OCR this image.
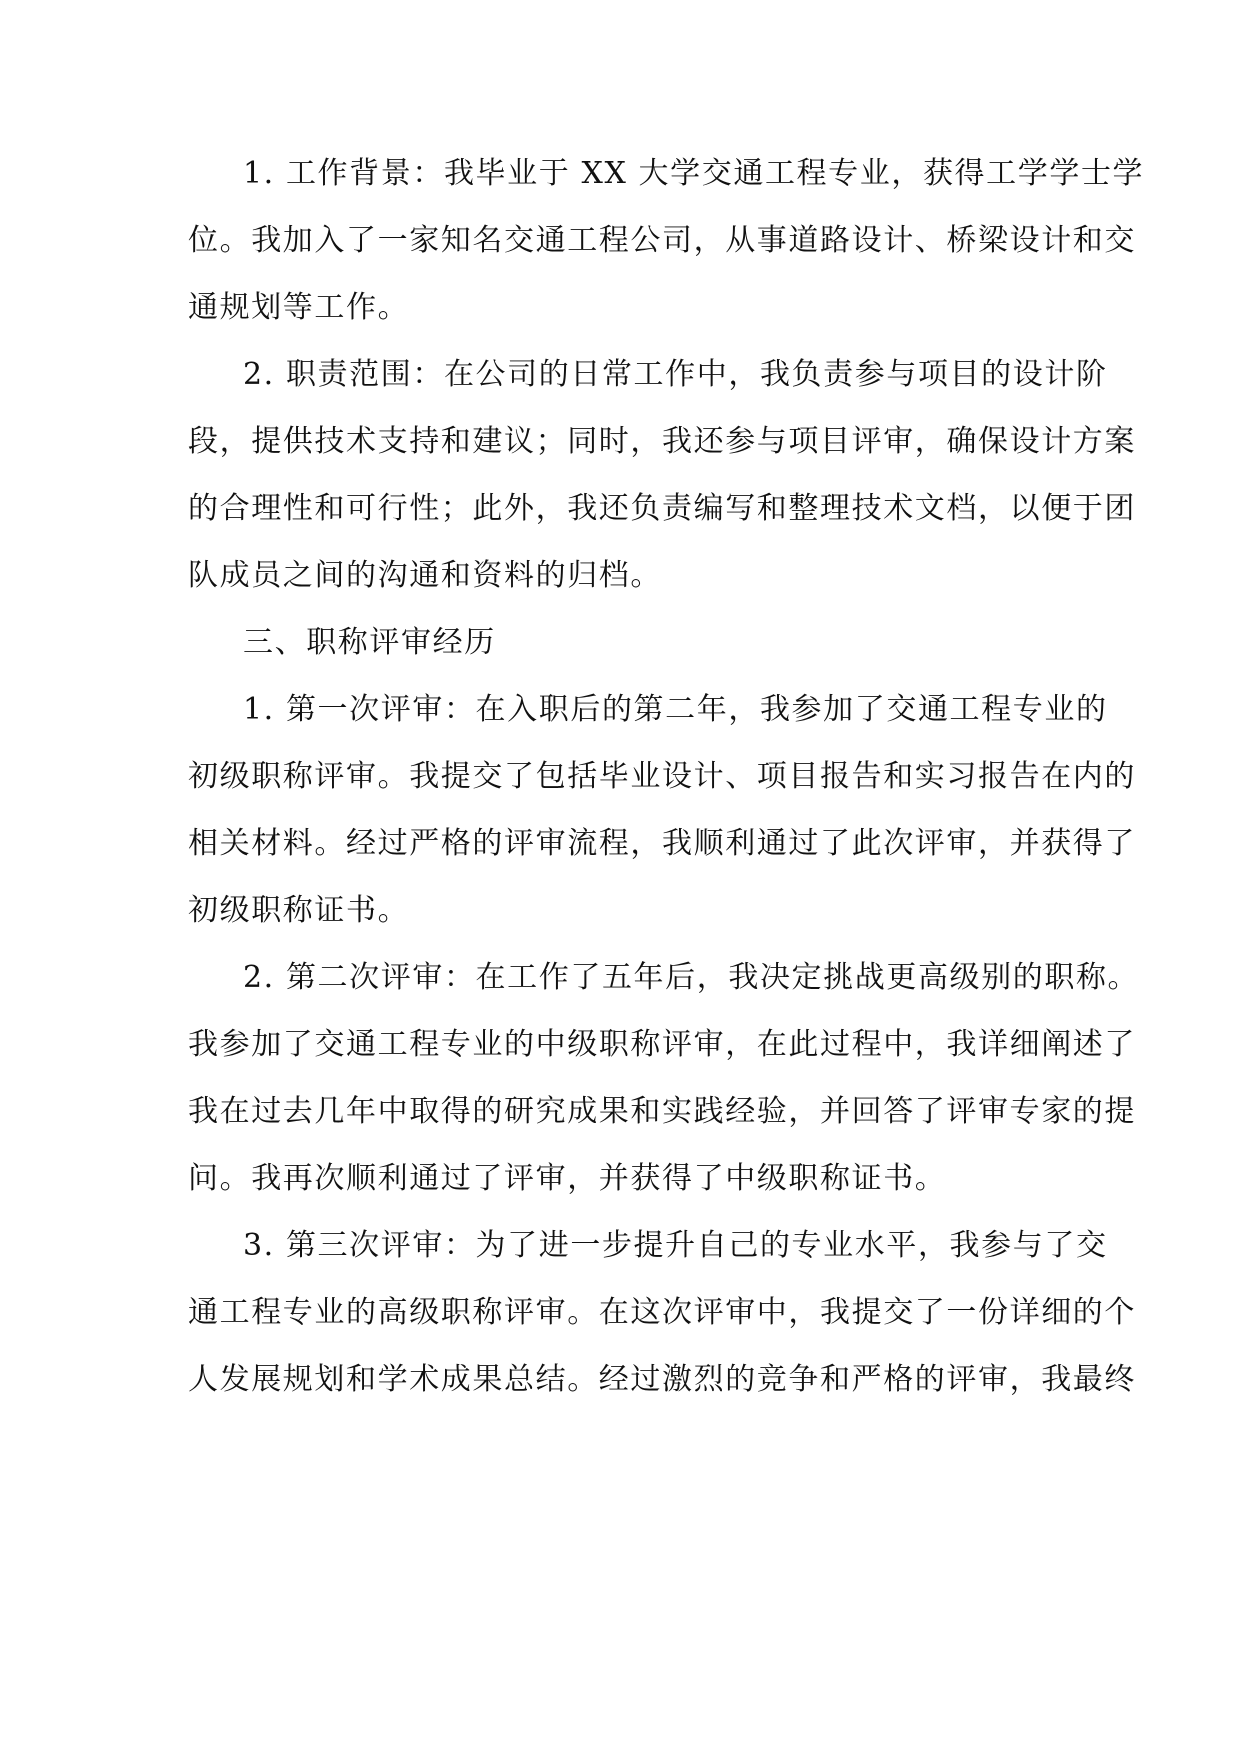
1. 工作背景：我毕业于 XX 大学交通工程专业，获得工学学士学
位。我加入了一家知名交通工程公司，从事道路设计、桥梁设计和交
通规划等工作。
2. 职责范围：在公司的日常工作中，我负责参与项目的设计阶
段，提供技术支持和建议；同时，我还参与项目评审，确保设计方案
的合理性和可行性；此外，我还负责编写和整理技术文档，以便于团
队成员之间的沟通和资料的归档。
三、职称评审经历
1. 第一次评审：在入职后的第二年，我参加了交通工程专业的
初级职称评审。我提交了包括毕业设计、项目报告和实习报告在内的
相关材料。经过严格的评审流程，我顺利通过了此次评审，并获得了
初级职称证书。
2. 第二次评审：在工作了五年后，我决定挑战更高级别的职称。
我参加了交通工程专业的中级职称评审，在此过程中，我详细阐述了
我在过去几年中取得的研究成果和实践经验，并回答了评审专家的提
问。我再次顺利通过了评审，并获得了中级职称证书。
3. 第三次评审：为了进一步提升自己的专业水平，我参与了交
通工程专业的高级职称评审。在这次评审中，我提交了一份详细的个
人发展规划和学术成果总结。经过激烈的竞争和严格的评审，我最终
